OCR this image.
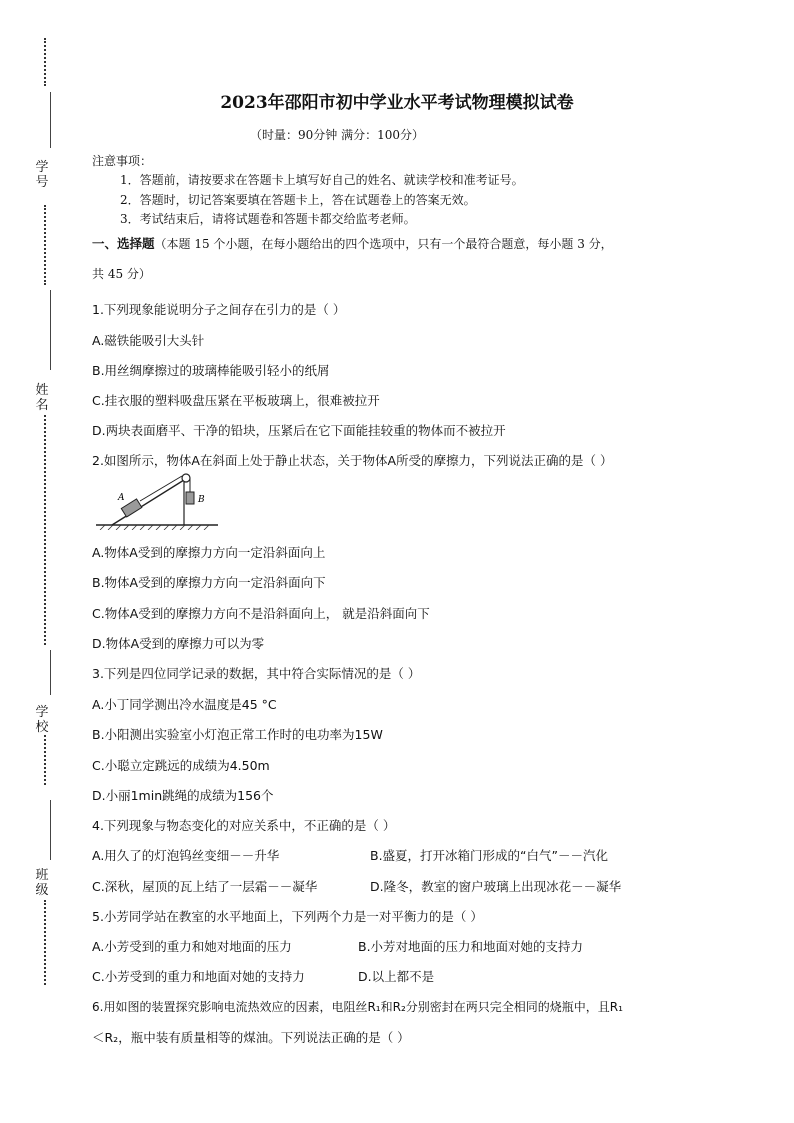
学号
姓名
学校
班级
2023年邵阳市初中学业水平考试物理模拟试卷
（时量：90分钟 满分：100分）
注意事项：
1．答题前，请按要求在答题卡上填写好自己的姓名、就读学校和准考证号。
2．答题时，切记答案要填在答题卡上，答在试题卷上的答案无效。
3．考试结束后，请将试题卷和答题卡都交给监考老师。
一、选择题（本题 15 个小题，在每小题给出的四个选项中，只有一个最符合题意，每小题 3 分，
共 45 分）
1.下列现象能说明分子之间存在引力的是（ ）
A.磁铁能吸引大头针
B.用丝绸摩擦过的玻璃棒能吸引轻小的纸屑
C.挂衣服的塑料吸盘压紧在平板玻璃上，很难被拉开
D.两块表面磨平、干净的铅块，压紧后在它下面能挂较重的物体而不被拉开
2.如图所示，物体A在斜面上处于静止状态，关于物体A所受的摩擦力，下列说法正确的是（ ）
A	B
A.物体A受到的摩擦力方向一定沿斜面向上
B.物体A受到的摩擦力方向一定沿斜面向下
C.物体A受到的摩擦力方向不是沿斜面向上， 就是沿斜面向下
D.物体A受到的摩擦力可以为零
3.下列是四位同学记录的数据，其中符合实际情况的是（ ）
A.小丁同学测出冷水温度是45 °C
B.小阳测出实验室小灯泡正常工作时的电功率为15W
C.小聪立定跳远的成绩为4.50m
D.小丽1min跳绳的成绩为156个
4.下列现象与物态变化的对应关系中，不正确的是（ ）
A.用久了的灯泡钨丝变细－－升华	B.盛夏，打开冰箱门形成的“白气”－－汽化
C.深秋，屋顶的瓦上结了一层霜－－凝华	D.隆冬，教室的窗户玻璃上出现冰花－－凝华
5.小芳同学站在教室的水平地面上，下列两个力是一对平衡力的是（ ）
A.小芳受到的重力和她对地面的压力	B.小芳对地面的压力和地面对她的支持力
C.小芳受到的重力和地面对她的支持力	D.以上都不是
6.用如图的装置探究影响电流热效应的因素，电阻丝R₁和R₂分别密封在两只完全相同的烧瓶中，且R₁
＜R₂，瓶中装有质量相等的煤油。下列说法正确的是（ ）
